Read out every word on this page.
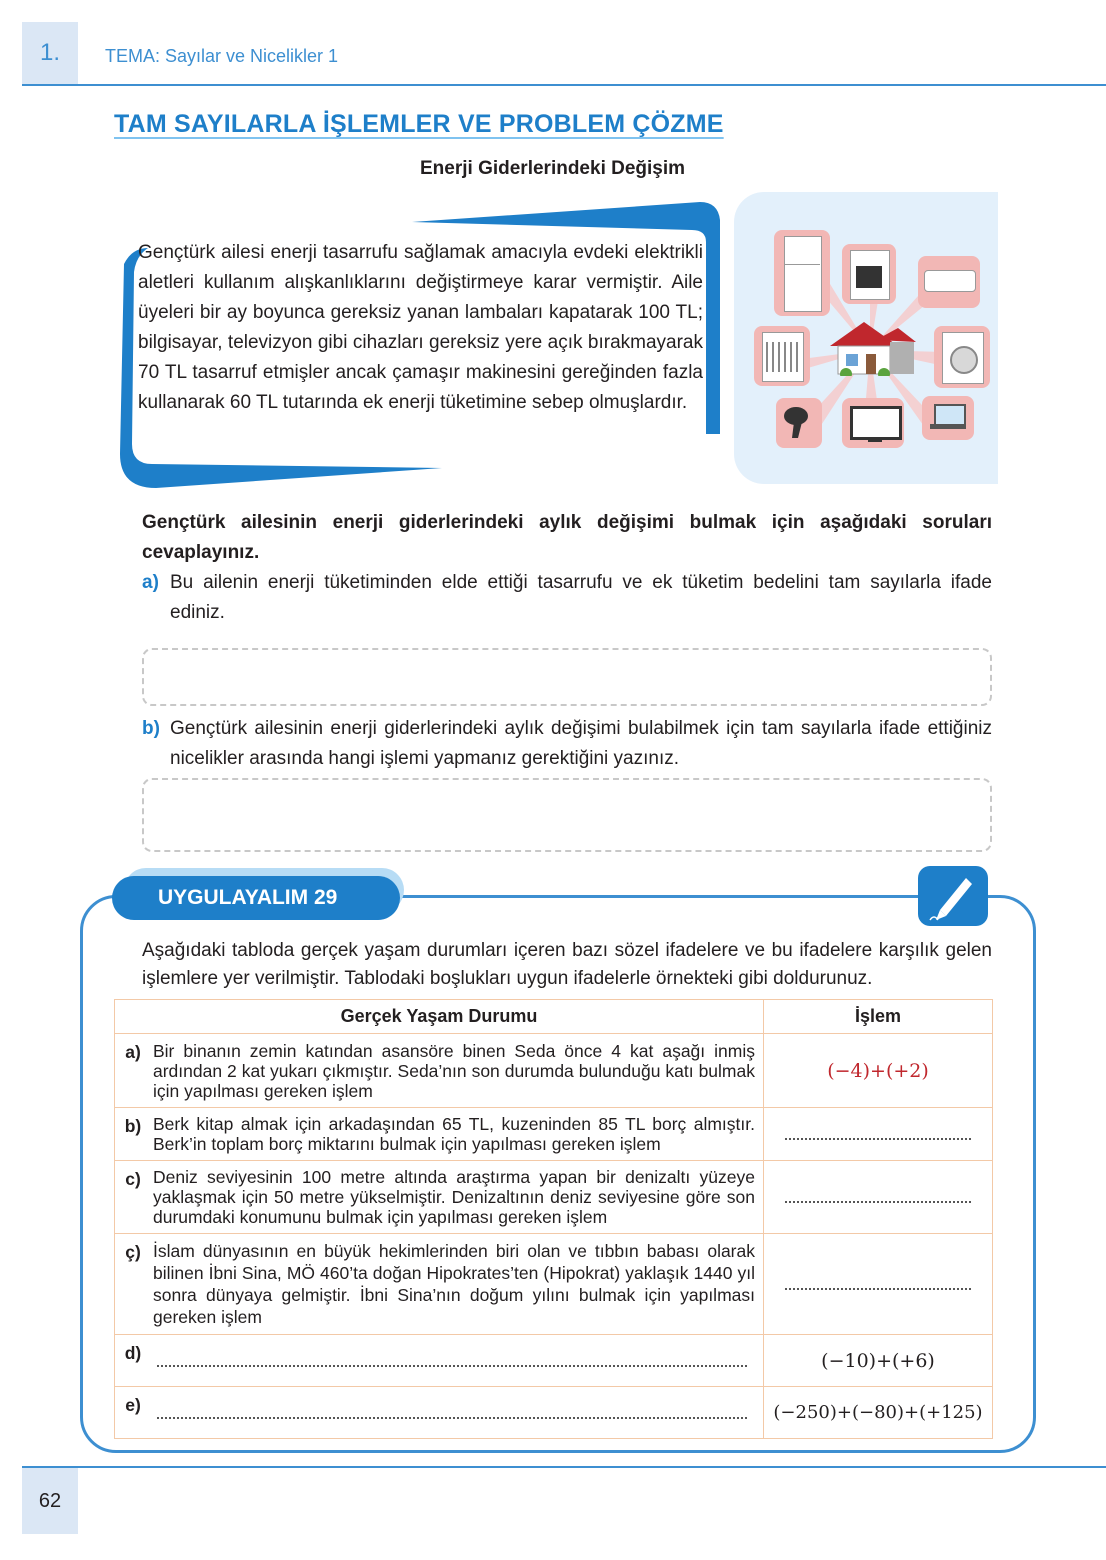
1.	TEMA: Sayılar ve Nicelikler 1
TAM SAYILARLA İŞLEMLER VE PROBLEM ÇÖZME
Enerji Giderlerindeki Değişim
Gençtürk ailesi enerji tasarrufu sağlamak amacıyla evdeki elektrikli aletleri kullanım alışkanlıklarını değiştirmeye karar vermiştir. Aile üyeleri bir ay boyunca gereksiz yanan lambaları kapatarak 100 TL; bilgisayar, televizyon gibi cihazları gereksiz yere açık bırakmayarak 70 TL tasarruf etmişler ancak çamaşır makinesini gereğinden fazla kullanarak 60 TL tutarında ek enerji tüketimine sebep olmuşlardır.
Gençtürk ailesinin enerji giderlerindeki aylık değişimi bulmak için aşağıdaki soruları cevaplayınız.
a) Bu ailenin enerji tüketiminden elde ettiği tasarrufu ve ek tüketim bedelini tam sayılarla ifade ediniz.
b) Gençtürk ailesinin enerji giderlerindeki aylık değişimi bulabilmek için tam sayılarla ifade ettiğiniz nicelikler arasında hangi işlemi yapmanız gerektiğini yazınız.
UYGULAYALIM 29
Aşağıdaki tabloda gerçek yaşam durumları içeren bazı sözel ifadelere ve bu ifadelere karşılık gelen işlemlere yer verilmiştir. Tablodaki boşlukları uygun ifadelerle örnekteki gibi doldurunuz.
Gerçek Yaşam Durumu		İşlem
a)	Bir binanın zemin katından asansöre binen Seda önce 4 kat aşağı inmiş ardından 2 kat yukarı çıkmıştır. Seda’nın son durumda bulunduğu katı bulmak için yapılması gereken işlem	(−4)+(+2)
b)	Berk kitap almak için arkadaşından 65 TL, kuzeninden 85 TL borç almıştır. Berk’in toplam borç miktarını bulmak için yapılması gereken işlem	
c)	Deniz seviyesinin 100 metre altında araştırma yapan bir denizaltı yüzeye yaklaşmak için 50 metre yükselmiştir. Denizaltının deniz seviyesine göre son durumdaki konumunu bulmak için yapılması gereken işlem	
ç)	İslam dünyasının en büyük hekimlerinden biri olan ve tıbbın babası olarak bilinen İbni Sina, MÖ 460’ta doğan Hipokrates’ten (Hipokrat) yaklaşık 1440 yıl sonra dünyaya gelmiştir. İbni Sina’nın doğum yılını bulmak için yapılması gereken işlem	
d)		(−10)+(+6)
e)		(−250)+(−80)+(+125)
62
